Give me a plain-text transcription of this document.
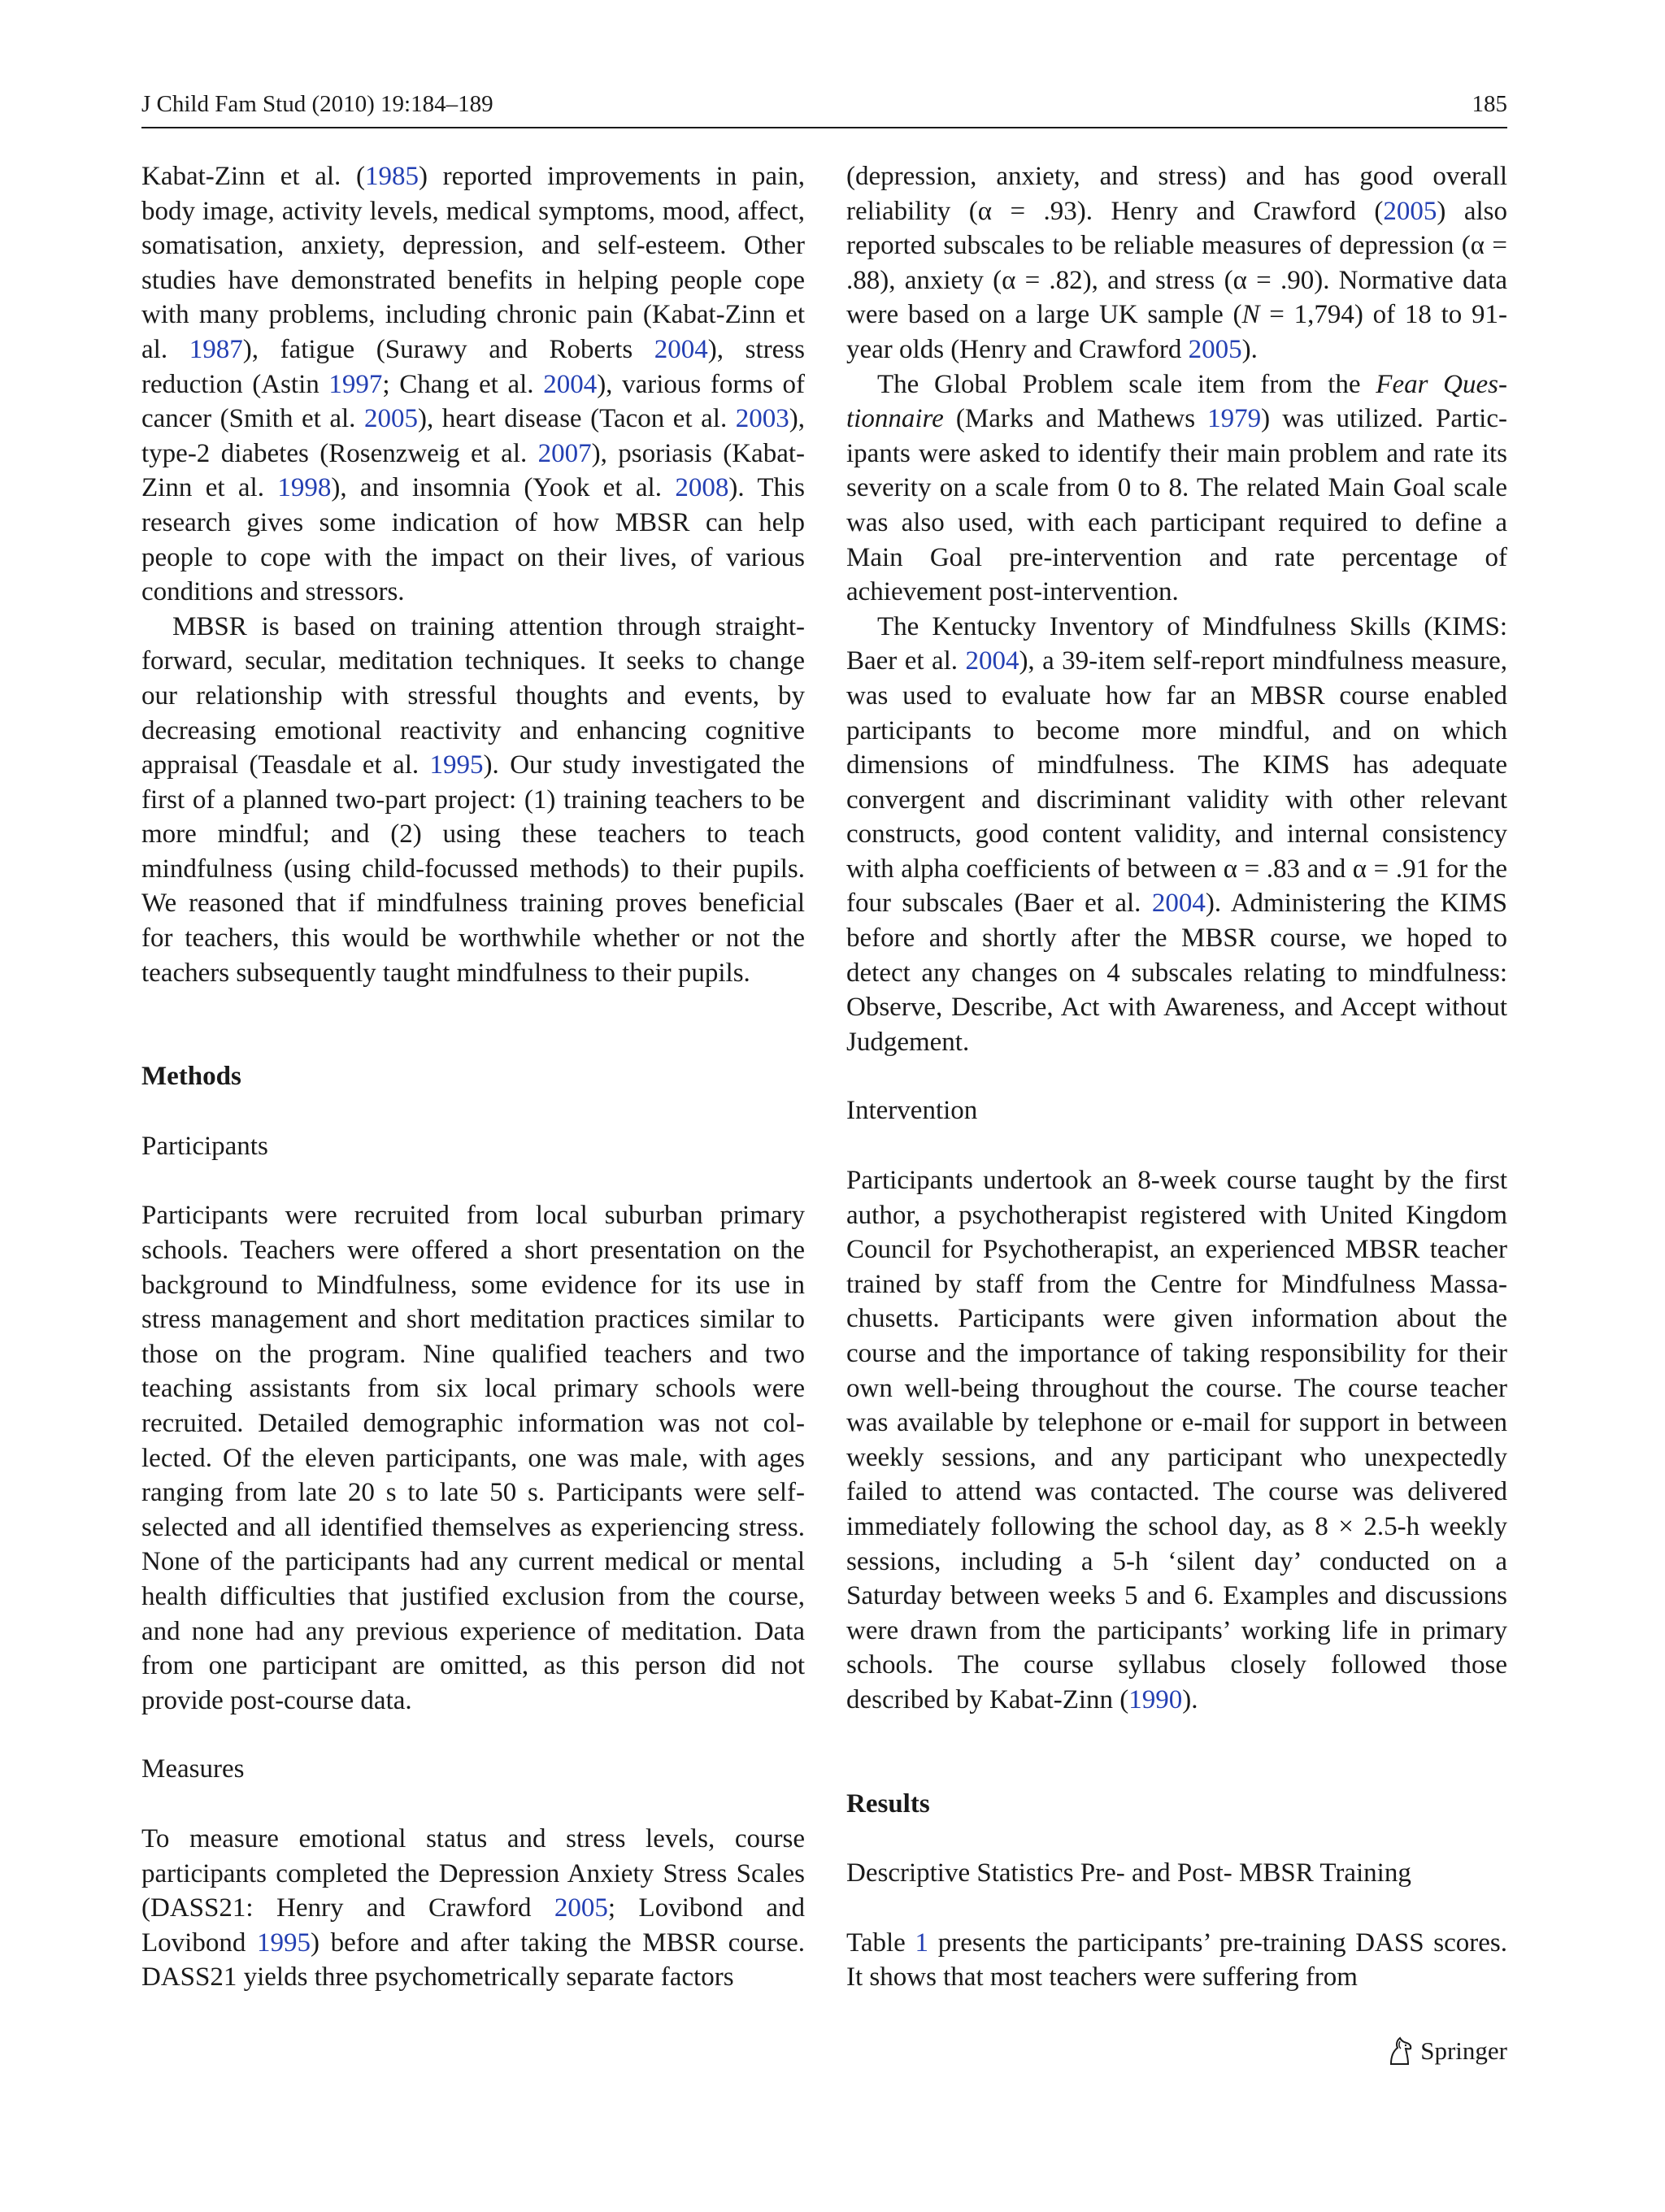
J Child Fam Stud (2010) 19:184–189	185

Kabat-Zinn et al. (1985) reported improvements in pain, body image, activity levels, medical symptoms, mood, affect, somatisation, anxiety, depression, and self-esteem. Other studies have demonstrated benefits in helping people cope with many problems, including chronic pain (Kabat-Zinn et al. 1987), fatigue (Surawy and Roberts 2004), stress reduction (Astin 1997; Chang et al. 2004), various forms of cancer (Smith et al. 2005), heart disease (Tacon et al. 2003), type-2 diabetes (Rosenzweig et al. 2007), psoriasis (Kabat-Zinn et al. 1998), and insomnia (Yook et al. 2008). This research gives some indication of how MBSR can help people to cope with the impact on their lives, of various conditions and stressors.

MBSR is based on training attention through straightforward, secular, meditation techniques. It seeks to change our relationship with stressful thoughts and events, by decreasing emotional reactivity and enhancing cognitive appraisal (Teasdale et al. 1995). Our study investigated the first of a planned two-part project: (1) training teachers to be more mindful; and (2) using these teachers to teach mindfulness (using child-focussed methods) to their pupils. We reasoned that if mindfulness training proves beneficial for teachers, this would be worthwhile whether or not the teachers subsequently taught mindfulness to their pupils.

Methods
Participants

Participants were recruited from local suburban primary schools. Teachers were offered a short presentation on the background to Mindfulness, some evidence for its use in stress management and short meditation practices similar to those on the program. Nine qualified teachers and two teaching assistants from six local primary schools were recruited. Detailed demographic information was not collected. Of the eleven participants, one was male, with ages ranging from late 20 s to late 50 s. Participants were self-selected and all identified themselves as experiencing stress. None of the participants had any current medical or mental health difficulties that justified exclusion from the course, and none had any previous experience of meditation. Data from one participant are omitted, as this person did not provide post-course data.

Measures

To measure emotional status and stress levels, course participants completed the Depression Anxiety Stress Scales (DASS21: Henry and Crawford 2005; Lovibond and Lovibond 1995) before and after taking the MBSR course. DASS21 yields three psychometrically separate factors

(depression, anxiety, and stress) and has good overall reliability (α = .93). Henry and Crawford (2005) also reported subscales to be reliable measures of depression (α = .88), anxiety (α = .82), and stress (α = .90). Normative data were based on a large UK sample (N = 1,794) of 18 to 91-year olds (Henry and Crawford 2005).

The Global Problem scale item from the Fear Questionnaire (Marks and Mathews 1979) was utilized. Participants were asked to identify their main problem and rate its severity on a scale from 0 to 8. The related Main Goal scale was also used, with each participant required to define a Main Goal pre-intervention and rate percentage of achievement post-intervention.

The Kentucky Inventory of Mindfulness Skills (KIMS: Baer et al. 2004), a 39-item self-report mindfulness measure, was used to evaluate how far an MBSR course enabled participants to become more mindful, and on which dimensions of mindfulness. The KIMS has adequate convergent and discriminant validity with other relevant constructs, good content validity, and internal consistency with alpha coefficients of between α = .83 and α = .91 for the four subscales (Baer et al. 2004). Administering the KIMS before and shortly after the MBSR course, we hoped to detect any changes on 4 subscales relating to mindfulness: Observe, Describe, Act with Awareness, and Accept without Judgement.

Intervention

Participants undertook an 8-week course taught by the first author, a psychotherapist registered with United Kingdom Council for Psychotherapist, an experienced MBSR teacher trained by staff from the Centre for Mindfulness Massachusetts. Participants were given information about the course and the importance of taking responsibility for their own well-being throughout the course. The course teacher was available by telephone or e-mail for support in between weekly sessions, and any participant who unexpectedly failed to attend was contacted. The course was delivered immediately following the school day, as 8 × 2.5-h weekly sessions, including a 5-h ‘silent day’ conducted on a Saturday between weeks 5 and 6. Examples and discussions were drawn from the participants’ working life in primary schools. The course syllabus closely followed those described by Kabat-Zinn (1990).

Results
Descriptive Statistics Pre- and Post- MBSR Training

Table 1 presents the participants’ pre-training DASS scores. It shows that most teachers were suffering from

Springer
